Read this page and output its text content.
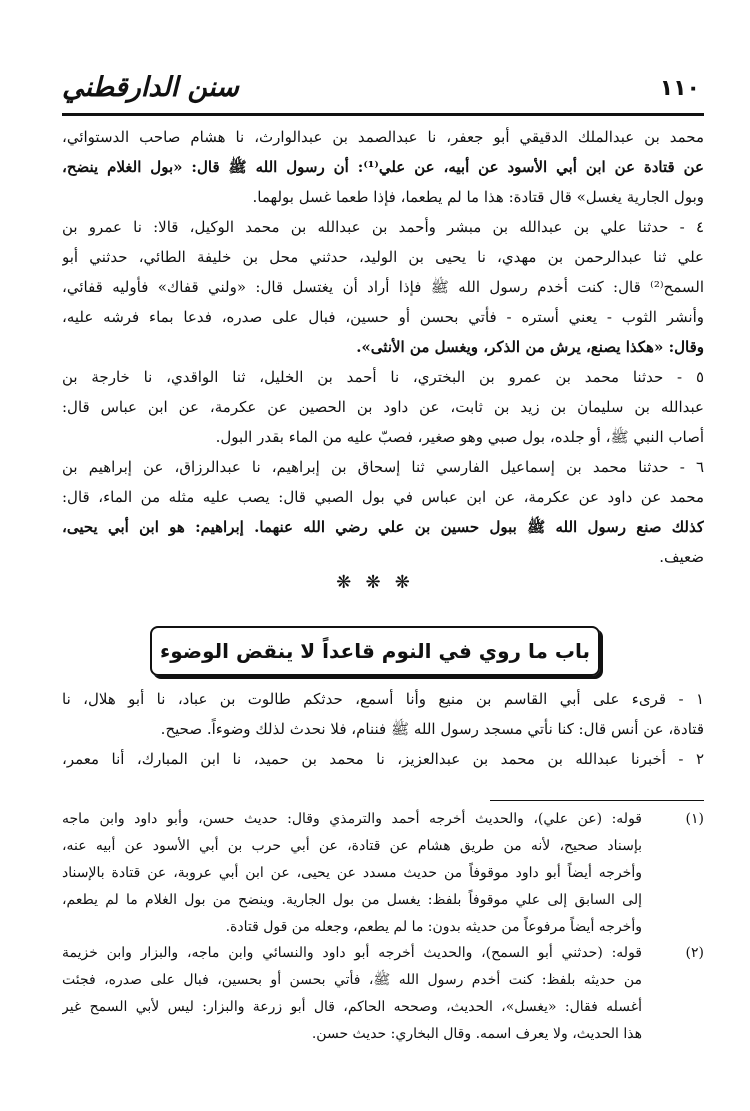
١١٠
سنن الدارقطني
محمد بن عبدالملك الدقيقي أبو جعفر، نا عبدالصمد بن عبدالوارث، نا هشام صاحب الدستوائي،
عن قتادة عن ابن أبي الأسود عن أبيه، عن علي⁽¹⁾: أن رسول الله ﷺ قال: «بول الغلام ينضح،
وبول الجارية يغسل» قال قتادة: هذا ما لم يطعما، فإذا طعما غسل بولهما.
٤ - حدثنا علي بن عبدالله بن مبشر وأحمد بن عبدالله بن محمد الوكيل، قالا: نا عمرو بن
علي ثنا عبدالرحمن بن مهدي، نا يحيى بن الوليد، حدثني محل بن خليفة الطائي، حدثني أبو
السمح⁽²⁾ قال: كنت أخدم رسول الله ﷺ فإذا أراد أن يغتسل قال: «ولني قفاك» فأوليه قفائي،
وأنشر الثوب - يعني أستره - فأتي بحسن أو حسين، فبال على صدره، فدعا بماء فرشه عليه،
وقال: «هكذا يصنع، يرش من الذكر، ويغسل من الأنثى».
٥ - حدثنا محمد بن عمرو بن البختري، نا أحمد بن الخليل، ثنا الواقدي، نا خارجة بن
عبدالله بن سليمان بن زيد بن ثابت، عن داود بن الحصين عن عكرمة، عن ابن عباس قال:
أصاب النبي ﷺ، أو جلده، بول صبي وهو صغير، فصبّ عليه من الماء بقدر البول.
٦ - حدثنا محمد بن إسماعيل الفارسي ثنا إسحاق بن إبراهيم، نا عبدالرزاق، عن إبراهيم بن
محمد عن داود عن عكرمة، عن ابن عباس في بول الصبي قال: يصب عليه مثله من الماء، قال:
كذلك صنع رسول الله ﷺ ببول حسين بن علي رضي الله عنهما. إبراهيم: هو ابن أبي يحيى،
ضعيف.
❋ ❋ ❋
باب ما روي في النوم قاعداً لا ينقض الوضوء
١ - قرىء على أبي القاسم بن منيع وأنا أسمع، حدثكم طالوت بن عباد، نا أبو هلال، نا
قتادة، عن أنس قال: كنا نأتي مسجد رسول الله ﷺ فننام، فلا نحدث لذلك وضوءاً. صحيح.
٢ - أخبرنا عبدالله بن محمد بن عبدالعزيز، نا محمد بن حميد، نا ابن المبارك، أنا معمر،
(١)
قوله: (عن علي)، والحديث أخرجه أحمد والترمذي وقال: حديث حسن، وأبو داود وابن ماجه
بإسناد صحيح، لأنه من طريق هشام عن قتادة، عن أبي حرب بن أبي الأسود عن أبيه عنه،
وأخرجه أيضاً أبو داود موقوفاً من حديث مسدد عن يحيى، عن ابن أبي عروبة، عن قتادة بالإسناد
إلى السابق إلى علي موقوفاً بلفظ: يغسل من بول الجارية. وينضح من بول الغلام ما لم يطعم،
وأخرجه أيضاً مرفوعاً من حديثه بدون: ما لم يطعم، وجعله من قول قتادة.
(٢)
قوله: (حدثني أبو السمح)، والحديث أخرجه أبو داود والنسائي وابن ماجه، والبزار وابن خزيمة
من حديثه بلفظ: كنت أخدم رسول الله ﷺ، فأتي بحسن أو بحسين، فبال على صدره، فجئت
أغسله فقال: «يغسل»، الحديث، وصححه الحاكم، قال أبو زرعة والبزار: ليس لأبي السمح غير
هذا الحديث، ولا يعرف اسمه. وقال البخاري: حديث حسن.
